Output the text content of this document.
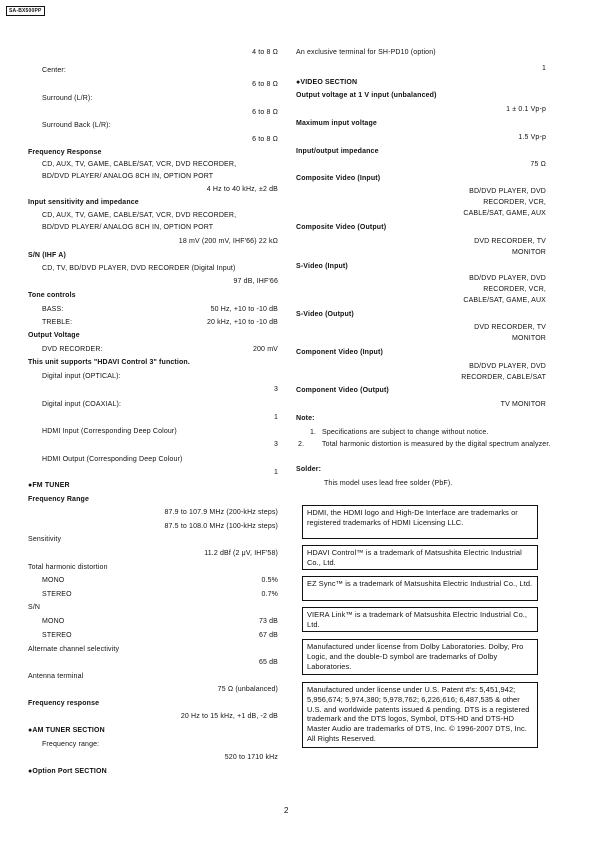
SA-BX500PP
4 to 8 Ω
Center:
6 to 8 Ω
Surround (L/R):
6 to 8 Ω
Surround Back (L/R):
6 to 8 Ω
Frequency Response
CD, AUX, TV, GAME, CABLE/SAT, VCR, DVD RECORDER,
BD/DVD PLAYER/ ANALOG 8CH IN, OPTION PORT
4 Hz to 40 kHz, ±2 dB
Input sensitivity and impedance
CD, AUX, TV, GAME, CABLE/SAT, VCR, DVD RECORDER,
BD/DVD PLAYER/ ANALOG 8CH IN, OPTION PORT
18 mV (200 mV, IHF'66) 22 kΩ
S/N (IHF A)
CD, TV, BD/DVD PLAYER, DVD RECORDER (Digital Input)
97 dB, IHF'66
Tone controls
BASS:	50 Hz, +10 to -10 dB
TREBLE:	20 kHz, +10 to -10 dB
Output Voltage
DVD RECORDER:	200 mV
This unit supports "HDAVI Control 3" function.
Digital input (OPTICAL):
3
Digital input (COAXIAL):
1
HDMI Input (Corresponding Deep Colour)
3
HDMI Output (Corresponding Deep Colour)
1
●FM TUNER
Frequency Range
87.9 to 107.9 MHz (200-kHz steps)
87.5 to 108.0 MHz (100-kHz steps)
Sensitivity
11.2 dBf (2 μV, IHF'58)
Total harmonic distortion
MONO	0.5%
STEREO	0.7%
S/N
MONO	73 dB
STEREO	67 dB
Alternate channel selectivity
65 dB
Antenna terminal
75 Ω (unbalanced)
Frequency response
20 Hz to 15 kHz, +1 dB, -2 dB
●AM TUNER SECTION
Frequency range:
520 to 1710 kHz
●Option Port SECTION
An exclusive terminal for SH-PD10 (option)
1
●VIDEO SECTION
Output voltage at 1 V input (unbalanced)
1 ± 0.1 Vp-p
Maximum input voltage
1.5 Vp-p
Input/output impedance
75 Ω
Composite Video (Input)
BD/DVD PLAYER, DVD
RECORDER, VCR,
CABLE/SAT, GAME, AUX
Composite Video (Output)
DVD RECORDER, TV
MONITOR
S-Video (Input)
BD/DVD PLAYER, DVD
RECORDER, VCR,
CABLE/SAT, GAME, AUX
S-Video (Output)
DVD RECORDER, TV
MONITOR
Component Video (Input)
BD/DVD PLAYER, DVD
RECORDER, CABLE/SAT
Component Video (Output)
TV MONITOR
Note:
1. Specifications are subject to change without notice.
2.	Total harmonic distortion is measured by the digital spectrum analyzer.
Solder:
This model uses lead free solder (PbF).
HDMI, the HDMI logo and High-De Interface are trademarks or registered trademarks of HDMI Licensing LLC.
HDAVI Control™ is a trademark of Matsushita Electric Industrial Co., Ltd.
EZ Sync™ is a trademark of Matsushita Electric Industrial Co., Ltd.
VIERA Link™ is a trademark of Matsushita Electric Industrial Co., Ltd.
Manufactured under license from Dolby Laboratories. Dolby, Pro Logic, and the double-D symbol are trademarks of Dolby Laboratories.
Manufactured under license under U.S. Patent #'s: 5,451,942; 5,956,674; 5,974,380; 5,978,762; 6,226,616; 6,487,535 & other U.S. and worldwide patents issued & pending. DTS is a registered trademark and the DTS logos, Symbol, DTS-HD and DTS-HD Master Audio are trademarks of DTS, Inc. © 1996-2007 DTS, Inc. All Rights Reserved.
2
